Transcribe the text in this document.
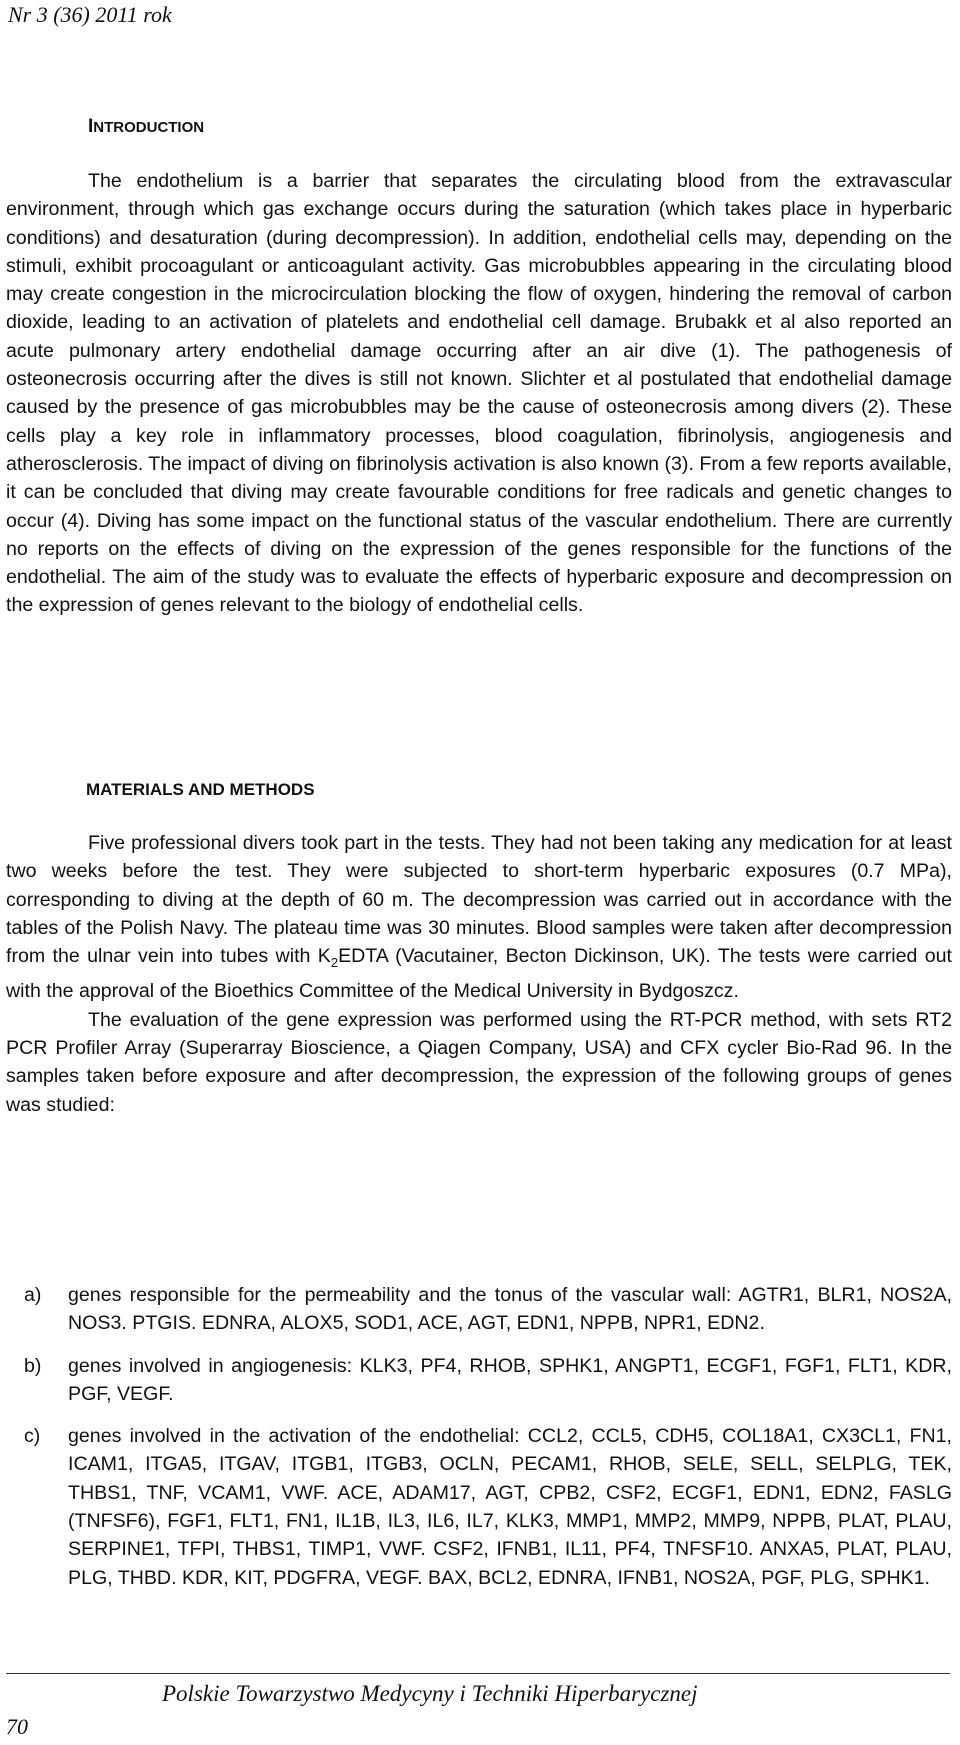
Nr 3 (36) 2011 rok
INTRODUCTION

The endothelium is a barrier that separates the circulating blood from the extravascular environment, through which gas exchange occurs during the saturation (which takes place in hyperbaric conditions) and desaturation (during decompression). In addition, endothelial cells may, depending on the stimuli, exhibit procoagulant or anticoagulant activity. Gas microbubbles appearing in the circulating blood may create congestion in the microcirculation blocking the flow of oxygen, hindering the removal of carbon dioxide, leading to an activation of platelets and endothelial cell damage. Brubakk et al also reported an acute pulmonary artery endothelial damage occurring after an air dive (1). The pathogenesis of osteonecrosis occurring after the dives is still not known. Slichter et al postulated that endothelial damage caused by the presence of gas microbubbles may be the cause of osteonecrosis among divers (2). These cells play a key role in inflammatory processes, blood coagulation, fibrinolysis, angiogenesis and atherosclerosis. The impact of diving on fibrinolysis activation is also known (3). From a few reports available, it can be concluded that diving may create favourable conditions for free radicals and genetic changes to occur (4). Diving has some impact on the functional status of the vascular endothelium. There are currently no reports on the effects of diving on the expression of the genes responsible for the functions of the endothelial. The aim of the study was to evaluate the effects of hyperbaric exposure and decompression on the expression of genes relevant to the biology of endothelial cells.

MATERIALS AND METHODS

Five professional divers took part in the tests. They had not been taking any medication for at least two weeks before the test. They were subjected to short-term hyperbaric exposures (0.7 MPa), corresponding to diving at the depth of 60 m. The decompression was carried out in accordance with the tables of the Polish Navy. The plateau time was 30 minutes. Blood samples were taken after decompression from the ulnar vein into tubes with $K_2EDTA$ (Vacutainer, Becton Dickinson, UK). The tests were carried out with the approval of the Bioethics Committee of the Medical University in Bydgoszcz.

The evaluation of the gene expression was performed using the RT-PCR method, with sets RT2 PCR Profiler Array (Superarray Bioscience, a Qiagen Company, USA) and CFX cycler Bio-Rad 96. In the samples taken before exposure and after decompression, the expression of the following groups of genes was studied:

a) genes responsible for the permeability and the tonus of the vascular wall: AGTR1, BLR1, NOS2A, NOS3. PTGIS. EDNRA, ALOX5, SOD1, ACE, AGT, EDN1, NPPB, NPR1, EDN2.
b) genes involved in angiogenesis: KLK3, PF4, RHOB, SPHK1, ANGPT1, ECGF1, FGF1, FLT1, KDR, PGF, VEGF.
c) genes involved in the activation of the endothelial: CCL2, CCL5, CDH5, COL18A1, CX3CL1, FN1, ICAM1, ITGA5, ITGAV, ITGB1, ITGB3, OCLN, PECAM1, RHOB, SELE, SELL, SELPLG, TEK, THBS1, TNF, VCAM1, VWF. ACE, ADAM17, AGT, CPB2, CSF2, ECGF1, EDN1, EDN2, FASLG (TNFSF6), FGF1, FLT1, FN1, IL1B, IL3, IL6, IL7, KLK3, MMP1, MMP2, MMP9, NPPB, PLAT, PLAU, SERPINE1, TFPI, THBS1, TIMP1, VWF. CSF2, IFNB1, IL11, PF4, TNFSF10. ANXA5, PLAT, PLAU, PLG, THBD. KDR, KIT, PDGFRA, VEGF. BAX, BCL2, EDNRA, IFNB1, NOS2A, PGF, PLG, SPHK1.
Polskie Towarzystwo Medycyny i Techniki Hiperbarycznej
70
